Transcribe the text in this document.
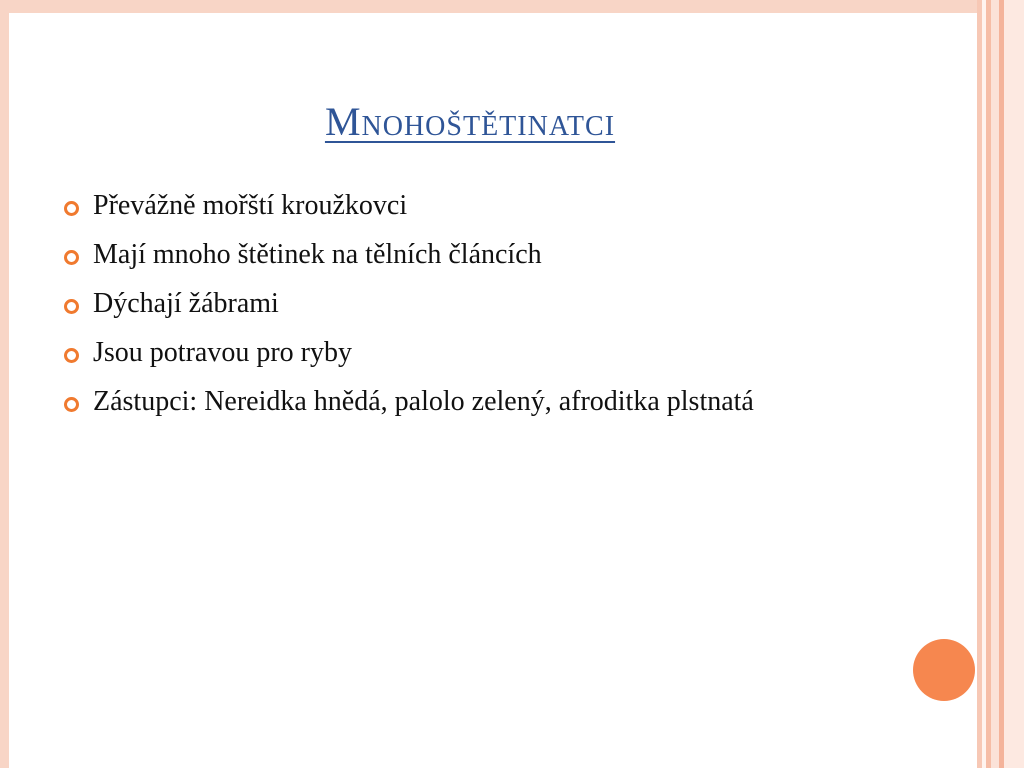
Mnohoštětinatci
Převážně mořští kroužkovci
Mají mnoho štětinek na tělních článcích
Dýchají žábrami
Jsou potravou pro ryby
Zástupci: Nereidka hnědá, palolo zelený, afroditka plstnatá
